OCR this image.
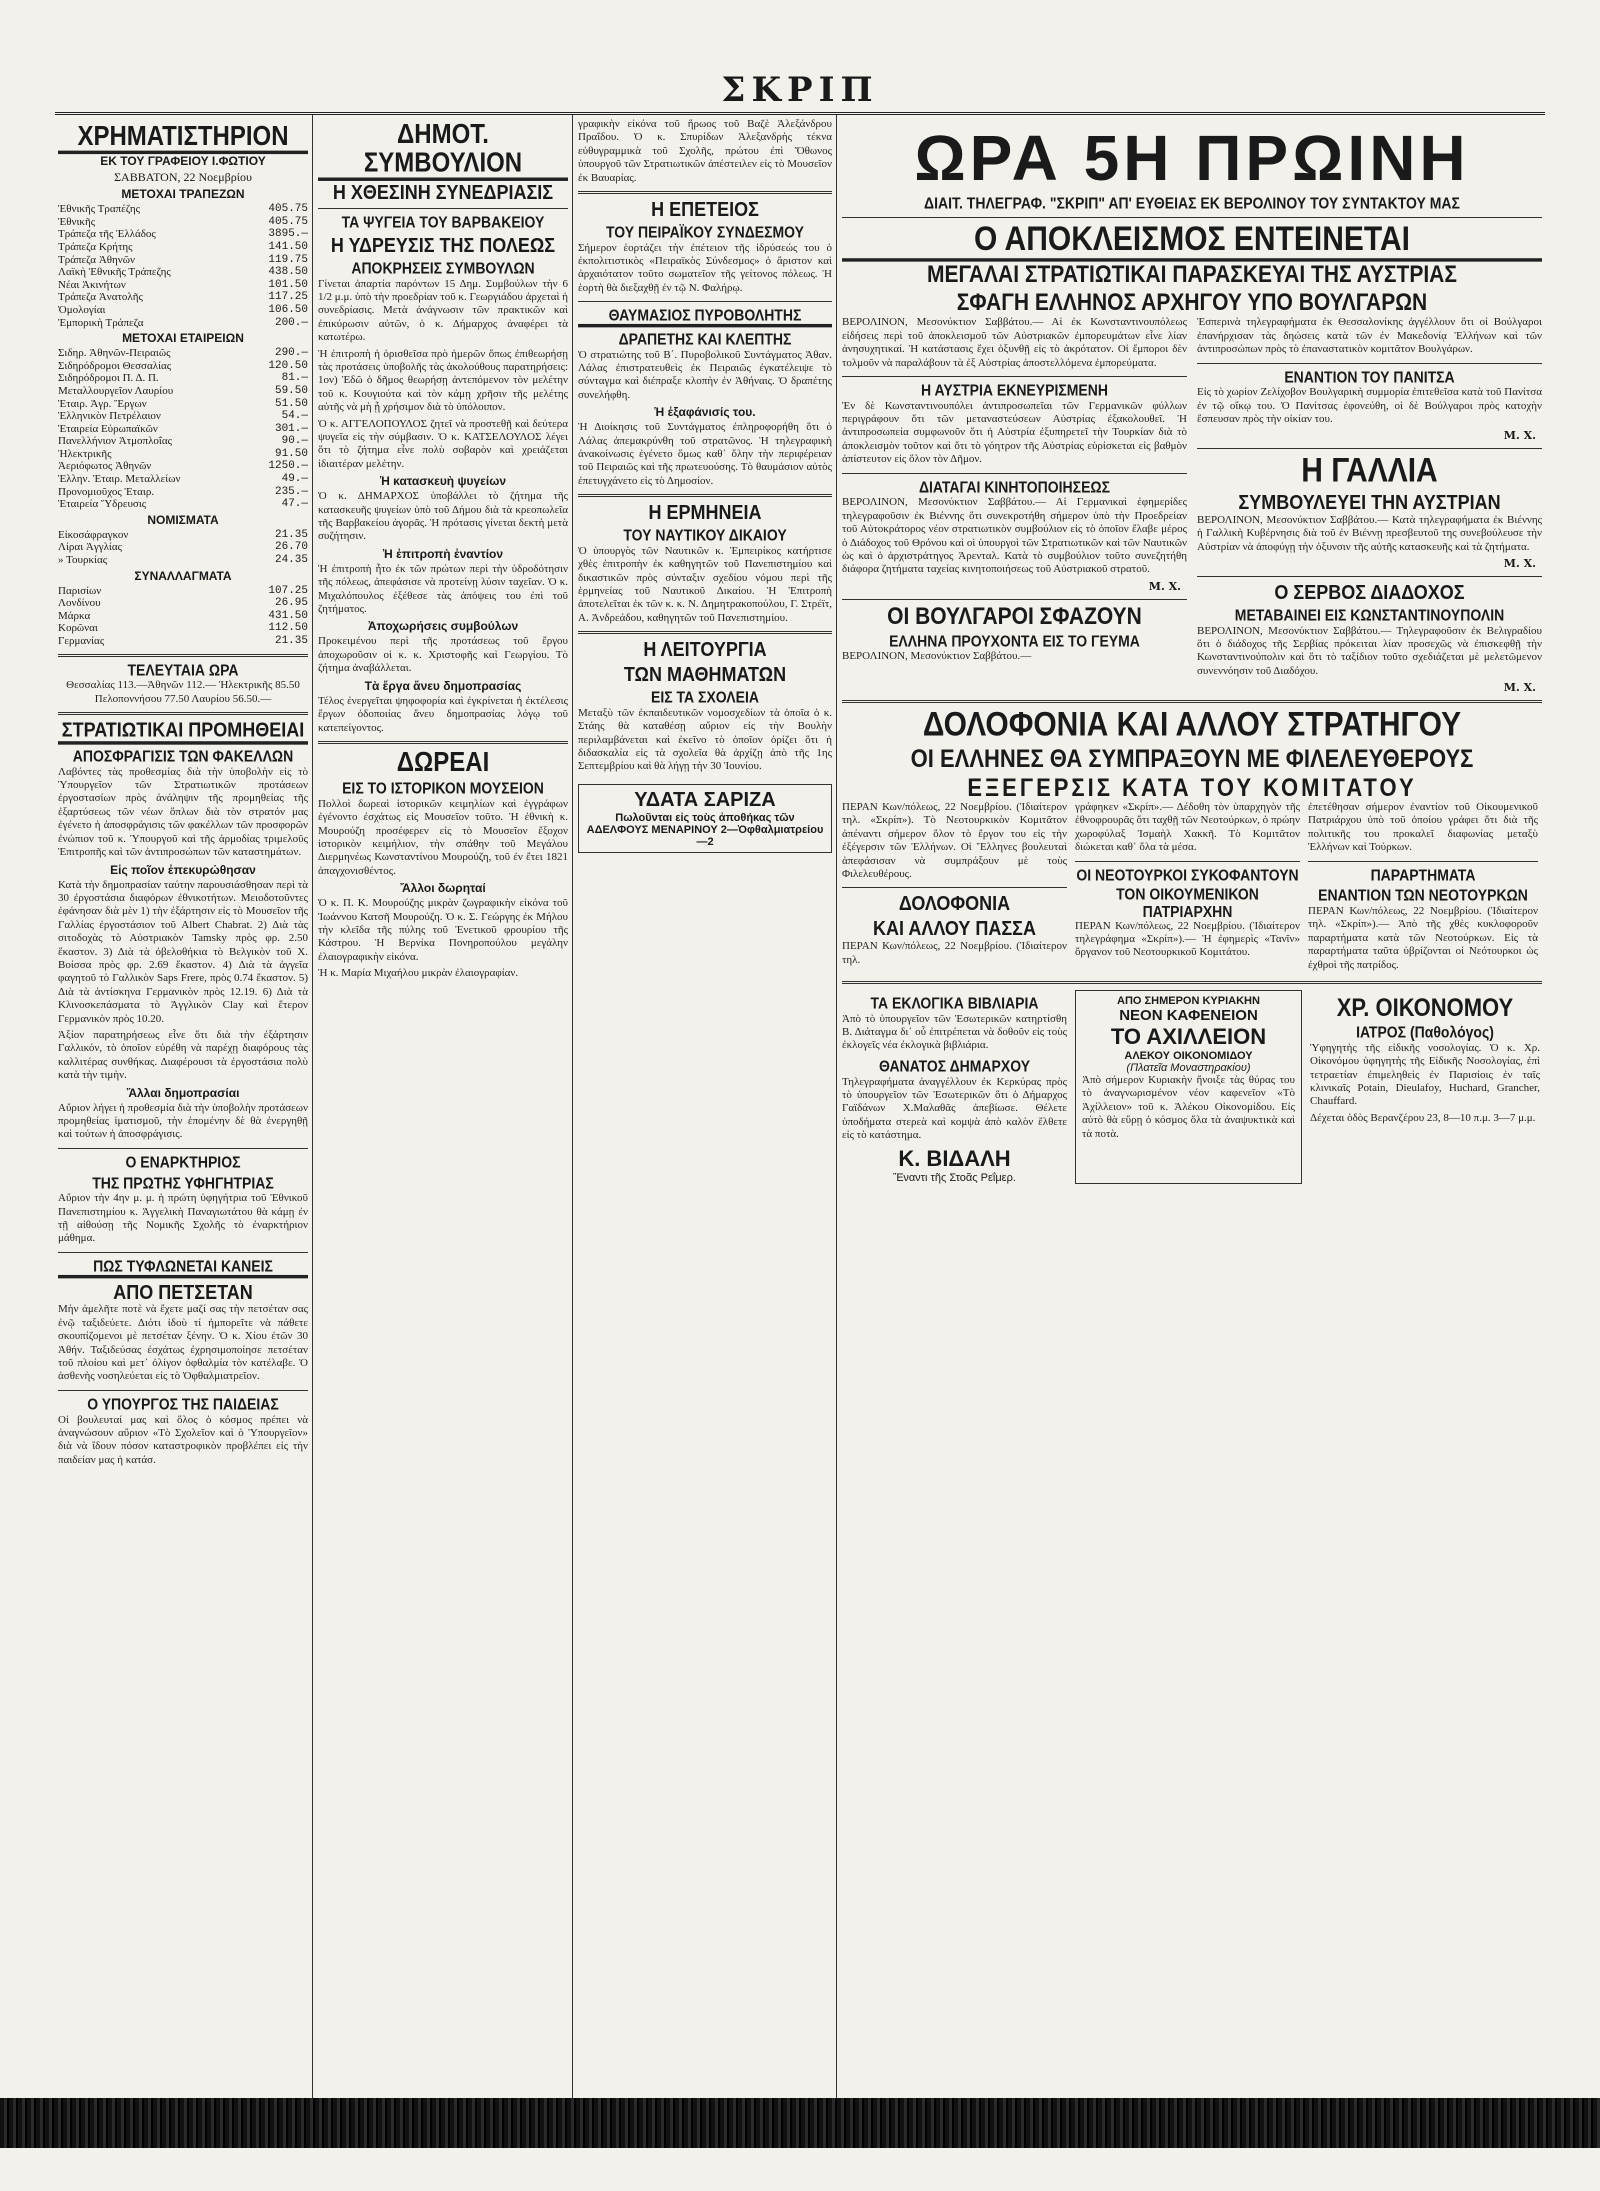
ΣΚΡΙΠ
ΧΡΗΜΑΤΙΣΤΗΡΙΟΝ
ΕΚ ΤΟΥ ΓΡΑΦΕΙΟΥ Ι.ΦΩΤΙΟΥ
ΣΑΒΒΑΤΟΝ, 22 Νοεμβρίου
ΜΕΤΟΧΑΙ ΤΡΑΠΕΖΩΝ
Ἐθνικῆς Τραπέζης	405.75
Ἐθνικῆς	405.75
Τράπεζα τῆς Ἑλλάδος	3895.—
Τράπεζα Κρήτης	141.50
Τράπεζα Ἀθηνῶν	119.75
Λαϊκὴ Ἐθνικῆς Τράπεζης	438.50
Νέαι Ἀκινήτων	101.50
Τράπεζα Ἀνατολῆς	117.25
Ὁμολογίαι	106.50
Ἐμπορικὴ Τράπεζα	200.—
ΜΕΤΟΧΑΙ ΕΤΑΙΡΕΙΩΝ
Σιδηρ. Ἀθηνῶν-Πειραιῶς	290.—
Σιδηρόδρομοι Θεσσαλίας	120.50
Σιδηρόδρομοι Π. Δ. Π.	81.—
Μεταλλουργεῖον Λαυρίου	59.50
Ἑταιρ. Ἀγρ. Ἔργων	51.50
Ἑλληνικὸν Πετρέλαιον	54.—
Ἑταιρεία Εὐρωπαϊκῶν	301.—
Πανελλήνιον Ἀτμοπλοΐας	90.—
Ἠλεκτρικῆς	91.50
Ἀεριόφωτος Ἀθηνῶν	1250.—
Ἑλλην. Ἑταιρ. Μεταλλείων	49.—
Προνομιοῦχος Ἑταιρ.	235.—
Ἑταιρεία Ὕδρευσις	47.—
ΝΟΜΙΣΜΑΤΑ
Εἰκοσάφραγκον	21.35
Λίραι Ἀγγλίας	26.70
» Τουρκίας	24.35
ΣΥΝΑΛΛΑΓΜΑΤΑ
Παρισίων	107.25
Λονδίνου	26.95
Μάρκα	431.50
Κορῶναι	112.50
Γερμανίας	21.35
ΤΕΛΕΥΤΑΙΑ ΩΡΑ

Θεσσαλίας 113.—Ἀθηνῶν 112.— Ἠλεκτρικῆς 85.50 Πελοποννήσου 77.50 Λαυρίου 56.50.—

ΣΤΡΑΤΙΩΤΙΚΑΙ ΠΡΟΜΗΘΕΙΑΙ
ΑΠΟΣΦΡΑΓΙΣΙΣ ΤΩΝ ΦΑΚΕΛΛΩΝ

Λαβόντες τὰς προθεσμίας διὰ τὴν ὑποβολὴν εἰς τὸ Ὑπουργεῖον τῶν Στρατιωτικῶν προτάσεων ἐργοστασίων πρὸς ἀνάληψιν τῆς προμηθείας τῆς ἐξαρτύσεως τῶν νέων ὅπλων διὰ τὸν στρατόν μας ἐγένετο ἡ ἀποσφράγισις τῶν φακέλλων τῶν προσφορῶν ἐνώπιον τοῦ κ. Ὑπουργοῦ καὶ τῆς ἁρμοδίας τριμελοῦς Ἐπιτροπῆς καὶ τῶν ἀντιπροσώπων τῶν καταστημάτων.

Εἰς ποῖον ἐπεκυρώθησαν

Κατὰ τὴν δημοπρασίαν ταύτην παρουσιάσθησαν περὶ τὰ 30 ἐργοστάσια διαφόρων ἐθνικοτήτων. Μειοδοτοῦντες ἐφάνησαν διὰ μὲν 1) τὴν ἐξάρτησιν εἰς τὸ Μουσεῖον τῆς Γαλλίας ἐργοστάσιον τοῦ Albert Chabrat. 2) Διὰ τὰς σιτοδοχὰς τὸ Αὐστριακὸν Tamsky πρὸς φρ. 2.50 ἕκαστον. 3) Διὰ τὰ ὀβελοθήκια τὸ Βελγικὸν τοῦ Χ. Βοίσσα πρὸς φρ. 2.69 ἕκαστον. 4) Διὰ τὰ ἀγγεῖα φαγητοῦ τὸ Γαλλικὸν Saps Frere, πρὸς 0.74 ἕκαστον. 5) Διὰ τὰ ἀντίσκηνα Γερμανικὸν πρὸς 12.19. 6) Διὰ τὰ Κλινοσκεπάσματα τὸ Ἀγγλικὸν Clay καὶ ἕτερον Γερμανικὸν πρὸς 10.20.

Ἀξίον παρατηρήσεως εἶνε ὅτι διὰ τὴν ἐξάρτησιν Γαλλικόν, τὸ ὁποῖον εὑρέθη νὰ παρέχῃ διαφόρους τὰς καλλιτέρας συνθήκας. Διαφέρουσι τὰ ἐργοστάσια πολὺ κατὰ τὴν τιμὴν.

Ἄλλαι δημοπρασίαι

Αὔριον λήγει ἡ προθεσμία διὰ τὴν ὑποβολὴν προτάσεων προμηθείας ἱματισμοῦ, τὴν ἑπομένην δὲ θὰ ἐνεργηθῇ καὶ τούτων ἡ ἀποσφράγισις.

Ο ΕΝΑΡΚΤΗΡΙΟΣ
ΤΗΣ ΠΡΩΤΗΣ ΥΦΗΓΗΤΡΙΑΣ

Αὔριον τὴν 4ην μ. μ. ἡ πρώτη ὑφηγήτρια τοῦ Ἐθνικοῦ Πανεπιστημίου κ. Ἀγγελικὴ Παναγιωτάτου θὰ κάμῃ ἐν τῇ αἰθούσῃ τῆς Νομικῆς Σχολῆς τὸ ἐναρκτήριον μάθημα.

ΠΩΣ ΤΥΦΛΩΝΕΤΑΙ ΚΑΝΕΙΣ
ΑΠΟ ΠΕΤΣΕΤΑΝ

Μὴν ἀμελῆτε ποτὲ νὰ ἔχετε μαζί σας τὴν πετσέταν σας ἐνῷ ταξιδεύετε. Διότι ἰδοὺ τί ἠμπορεῖτε νὰ πάθετε σκουπίζομενοι μὲ πετσέταν ξένην. Ὁ κ. Χίου ἐτῶν 30 Ἀθήν. Ταξιδεύσας ἐσχάτως ἐχρησιμοποίησε πετσέταν τοῦ πλοίου καὶ μετ᾽ ὀλίγον ὀφθαλμία τὸν κατέλαβε. Ὁ ἀσθενὴς νοσηλεύεται εἰς τὸ Ὀφθαλμιατρεῖον.

Ο ΥΠΟΥΡΓΟΣ ΤΗΣ ΠΑΙΔΕΙΑΣ

Οἱ βουλευταί μας καὶ ὅλος ὁ κόσμος πρέπει νὰ ἀναγνώσουν αὔριον «Τὸ Σχολεῖον καὶ ὁ Ὑπουργεῖον» διὰ νὰ ἴδουν πόσον καταστροφικὸν προβλέπει εἰς τὴν παιδείαν μας ἡ κατάσ.

ΔΗΜΟΤ. ΣΥΜΒΟΥΛΙΟΝ
Η ΧΘΕΣΙΝΗ ΣΥΝΕΔΡΙΑΣΙΣ
ΤΑ ΨΥΓΕΙΑ ΤΟΥ ΒΑΡΒΑΚΕΙΟΥ
Η ΥΔΡΕΥΣΙΣ ΤΗΣ ΠΟΛΕΩΣ
ΑΠΟΚΡΗΣΕΙΣ ΣΥΜΒΟΥΛΩΝ

Γίνεται ἀπαρτία παρόντων 15 Δημ. Συμβούλων τὴν 6 1/2 μ.μ. ὑπὸ τὴν προεδρίαν τοῦ κ. Γεωργιάδου ἀρχεταὶ ἡ συνεδρίασις. Μετὰ ἀνάγνωσιν τῶν πρακτικῶν καὶ ἐπικύρωσιν αὐτῶν, ὁ κ. Δήμαρχος ἀναφέρει τὰ κατωτέρω.

Ἡ ἐπιτροπὴ ἡ ὁρισθεῖσα πρὸ ἡμερῶν ὅπως ἐπιθεωρήσῃ τὰς προτάσεις ὑποβολῆς τὰς ἀκολούθους παρατηρήσεις: 1ον) Ἐδῶ ὁ δῆμος θεωρήσῃ ἀντεπόμενον τὸν μελέτην τοῦ κ. Κουγιούτα καὶ τὸν κάμῃ χρῆσιν τῆς μελέτης αὐτῆς νὰ μὴ ᾗ χρήσιμον διὰ τὸ ὑπόλοιπον.

Ὁ κ. ΑΓΓΕΛΟΠΟΥΛΟΣ ζητεῖ νὰ προστεθῇ καὶ δεύτερα ψυγεῖα εἰς τὴν σύμβασιν. Ὁ κ. ΚΑΤΣΕΛΟΥΛΟΣ λέγει ὅτι τὸ ζήτημα εἶνε πολὺ σοβαρὸν καὶ χρειάζεται ἰδιαιτέραν μελέτην.

Ἡ κατασκευὴ ψυγείων

Ὁ κ. ΔΗΜΑΡΧΟΣ ὑποβάλλει τὸ ζήτημα τῆς κατασκευῆς ψυγείων ὑπὸ τοῦ Δήμου διὰ τὰ κρεοπωλεῖα τῆς Βαρβακείου ἀγορᾶς. Ἡ πρότασις γίνεται δεκτὴ μετὰ συζήτησιν.

Ἡ ἐπιτροπὴ ἐναντίον

Ἡ ἐπιτροπὴ ἦτο ἐκ τῶν πρώτων περὶ τὴν ὑδροδότησιν τῆς πόλεως, ἀπεφάσισε νὰ προτείνῃ λύσιν ταχεῖαν. Ὁ κ. Μιχαλόπουλος ἐξέθεσε τὰς ἀπόψεις του ἐπὶ τοῦ ζητήματος.

Ἀποχωρήσεις συμβούλων

Προκειμένου περὶ τῆς προτάσεως τοῦ ἔργου ἀποχωροῦσιν οἱ κ. κ. Χριστοφῆς καὶ Γεωργίου. Τὸ ζήτημα ἀναβάλλεται.

Τὰ ἔργα ἄνευ δημοπρασίας

Τέλος ἐνεργεῖται ψηφοφορία καὶ ἐγκρίνεται ἡ ἐκτέλεσις ἔργων ὁδοποιίας ἄνευ δημοπρασίας λόγῳ τοῦ κατεπείγοντος.

ΔΩΡΕΑΙ
ΕΙΣ ΤΟ ΙΣΤΟΡΙΚΟΝ ΜΟΥΣΕΙΟΝ

Πολλοὶ δωρεαὶ ἱστορικῶν κειμηλίων καὶ ἐγγράφων ἐγένοντο ἐσχάτως εἰς Μουσεῖον τοῦτο. Ἡ ἐθνικὴ κ. Μουρούζη προσέφερεν εἰς τὸ Μουσεῖον ἔξοχον ἱστορικὸν κειμήλιον, τὴν σπάθην τοῦ Μεγάλου Διερμηνέως Κωνσταντίνου Μουρούζη, τοῦ ἐν ἔτει 1821 ἀπαγχονισθέντος.

Ἄλλοι δωρηταί

Ὁ κ. Π. Κ. Μουρούζης μικρὰν ζωγραφικὴν εἰκόνα τοῦ Ἰωάννου Κατσῆ Μουρούζη. Ὁ κ. Σ. Γεώργης ἐκ Μήλου τὴν κλεῖδα τῆς πύλης τοῦ Ἐνετικοῦ φρουρίου τῆς Κάστρου. Ἡ Βερνίκα Πονηροπούλου μεγάλην ἐλαιογραφικὴν εἰκόνα.

Ἡ κ. Μαρία Μιχαήλου μικρὰν ἐλαιογραφίαν.

γραφικὴν εἰκόνα τοῦ ἥρωος τοῦ Βαζὲ Ἀλεξάνδρου Πραΐδου. Ὁ κ. Σπυρίδων Ἀλεξανδρὴς τέκνα εὐθυγραμμικὰ τοῦ Σχολῆς, πρώτου ἐπὶ Ὄθωνος ὑπουργοῦ τῶν Στρατιωτικῶν ἀπέστειλεν εἰς τὸ Μουσεῖον ἐκ Βαυαρίας.

Η ΕΠΕΤΕΙΟΣ
ΤΟΥ ΠΕΙΡΑΪΚΟΥ ΣΥΝΔΕΣΜΟΥ

Σήμερον ἑορτάζει τὴν ἐπέτειον τῆς ἱδρύσεώς του ὁ ἐκπολιτιστικὸς «Πειραϊκὸς Σύνδεσμος» ὁ ἄριστον καὶ ἀρχαιότατον τοῦτο σωματεῖον τῆς γείτονος πόλεως. Ἡ ἑορτὴ θὰ διεξαχθῇ ἐν τῷ Ν. Φαλήρῳ.

ΘΑΥΜΑΣΙΟΣ ΠΥΡΟΒΟΛΗΤΗΣ
ΔΡΑΠΕΤΗΣ ΚΑΙ ΚΛΕΠΤΗΣ

Ὁ στρατιώτης τοῦ Β΄. Πυροβολικοῦ Συντάγματος Ἀθαν. Λάλας ἐπιστρατευθεὶς ἐκ Πειραιῶς ἐγκατέλειψε τὸ σύνταγμα καὶ διέπραξε κλοπὴν ἐν Ἀθήναις. Ὁ δραπέτης συνελήφθη.

Ἡ ἐξαφάνισίς του.

Ἡ Διοίκησις τοῦ Συντάγματος ἐπληροφορήθη ὅτι ὁ Λάλας ἀπεμακρύνθη τοῦ στρατῶνος. Ἡ τηλεγραφικὴ ἀνακοίνωσις ἐγένετο ὅμως καθ᾽ ὅλην τὴν περιφέρειαν τοῦ Πειραιῶς καὶ τῆς πρωτευούσης. Τὸ θαυμάσιον αὐτὸς ἐπετυγχάνετο εἰς τὸ Δημοσίον.

Η ΕΡΜΗΝΕΙΑ
ΤΟΥ ΝΑΥΤΙΚΟΥ ΔΙΚΑΙΟΥ

Ὁ ὑπουργὸς τῶν Ναυτικῶν κ. Ἐμπειρίκος κατήρτισε χθὲς ἐπιτροπὴν ἐκ καθηγητῶν τοῦ Πανεπιστημίου καὶ δικαστικῶν πρὸς σύνταξιν σχεδίου νόμου περὶ τῆς ἑρμηνείας τοῦ Ναυτικοῦ Δικαίου. Ἡ Ἐπιτροπὴ ἀποτελεῖται ἐκ τῶν κ. κ. Ν. Δημητρακοπούλου, Γ. Στρέϊτ, Α. Ἀνδρεάδου, καθηγητῶν τοῦ Πανεπιστημίου.

Η ΛΕΙΤΟΥΡΓΙΑ
ΤΩΝ ΜΑΘΗΜΑΤΩΝ
ΕΙΣ ΤΑ ΣΧΟΛΕΙΑ

Μεταξὺ τῶν ἐκπαιδευτικῶν νομοσχεδίων τὰ ὁποῖα ὁ κ. Στάης θὰ καταθέσῃ αὔριον εἰς τὴν Βουλὴν περιλαμβάνεται καὶ ἐκεῖνο τὸ ὁποῖον ὁρίζει ὅτι ἡ διδασκαλία εἰς τὰ σχολεῖα θὰ ἀρχίζῃ ἀπὸ τῆς 1ης Σεπτεμβρίου καὶ θὰ λήγῃ τὴν 30 Ἰουνίου.

ΥΔΑΤΑ ΣΑΡΙΖΑ
Πωλοῦνται εἰς τοὺς ἀποθήκας τῶν ΑΔΕΛΦΟΥΣ ΜΕΝΑΡΙΝΟΥ 2—Ὀφθαλμιατρείου—2
ΩΡΑ 5Η ΠΡΩΙΝΗ
ΔΙΑΙΤ. ΤΗΛΕΓΡΑΦ. "ΣΚΡΙΠ" ΑΠ' ΕΥΘΕΙΑΣ ΕΚ ΒΕΡΟΛΙΝΟΥ ΤΟΥ ΣΥΝΤΑΚΤΟΥ ΜΑΣ
Ο ΑΠΟΚΛΕΙΣΜΟΣ ΕΝΤΕΙΝΕΤΑΙ
ΜΕΓΑΛΑΙ ΣΤΡΑΤΙΩΤΙΚΑΙ ΠΑΡΑΣΚΕΥΑΙ ΤΗΣ ΑΥΣΤΡΙΑΣ
ΣΦΑΓΗ ΕΛΛΗΝΟΣ ΑΡΧΗΓΟΥ ΥΠΟ ΒΟΥΛΓΑΡΩΝ

ΒΕΡΟΛΙΝΟΝ, Μεσονύκτιον Σαββάτου.— Αἱ ἐκ Κωνσταντινουπόλεως εἰδήσεις περὶ τοῦ ἀποκλεισμοῦ τῶν Αὐστριακῶν ἐμπορευμάτων εἶνε λίαν ἀνησυχητικαί. Ἡ κατάστασις ἔχει ὀξυνθῇ εἰς τὸ ἀκρότατον. Οἱ ἔμποροι δὲν τολμοῦν νὰ παραλάβουν τὰ ἐξ Αὐστρίας ἀποστελλόμενα ἐμπορεύματα.

Η ΑΥΣΤΡΙΑ ΕΚΝΕΥΡΙΣΜΕΝΗ

Ἐν δὲ Κωνσταντινουπόλει ἀντιπροσωπεῖαι τῶν Γερμανικῶν φύλλων περιγράφουν ὅτι τῶν μεταναστεύσεων Αὐστρίας ἐξακολουθεῖ. Ἡ ἀντιπροσωπεία συμφωνοῦν ὅτι ἡ Αὐστρία ἐξυπηρετεῖ τὴν Τουρκίαν διὰ τὸ ἀποκλεισμὸν τοῦτον καὶ ὅτι τὸ γόητρον τῆς Αὐστρίας εὑρίσκεται εἰς βαθμὸν ἀπίστευτον εἰς ὅλον τὸν Δῆμον.

ΔΙΑΤΑΓΑΙ ΚΙΝΗΤΟΠΟΙΗΣΕΩΣ

ΒΕΡΟΛΙΝΟΝ, Μεσονύκτιον Σαββάτου.— Αἱ Γερμανικαὶ ἐφημερίδες τηλεγραφοῦσιν ἐκ Βιέννης ὅτι συνεκροτήθη σήμερον ὑπὸ τὴν Προεδρείαν τοῦ Αὐτοκράτορος νέον στρατιωτικὸν συμβούλιον εἰς τὸ ὁποῖον ἔλαβε μέρος ὁ Διάδοχος τοῦ Θρόνου καὶ οἱ ὑπουργοὶ τῶν Στρατιωτικῶν καὶ τῶν Ναυτικῶν ὡς καὶ ὁ ἀρχιστράτηγος Ἀρενταλ. Κατὰ τὸ συμβούλιον τοῦτο συνεζητήθη διάφορα ζητήματα ταχείας κινητοποιήσεως τοῦ Αὐστριακοῦ στρατοῦ.

Μ. Χ.
ΟΙ ΒΟΥΛΓΑΡΟΙ ΣΦΑΖΟΥΝ
ΕΛΛΗΝΑ ΠΡΟΥΧΟΝΤΑ ΕΙΣ ΤΟ ΓΕΥΜΑ

ΒΕΡΟΛΙΝΟΝ, Μεσονύκτιον Σαββάτου.—

Ἐσπερινὰ τηλεγραφήματα ἐκ Θεσσαλονίκης ἀγγέλλουν ὅτι οἱ Βούλγαροι ἐπανήρχισαν τὰς δηώσεις κατὰ τῶν ἐν Μακεδονίᾳ Ἑλλήνων καὶ τῶν ἀντιπροσώπων πρὸς τὸ ἐπαναστατικὸν κομιτᾶτον Βουλγάρων.

ΕΝΑΝΤΙΟΝ ΤΟΥ ΠΑΝΙΤΣΑ

Εἰς τὸ χωρίον Ζελίχοβον Βουλγαρικὴ συμμορία ἐπιτεθεῖσα κατὰ τοῦ Πανίτσα ἐν τῷ οἴκῳ του. Ὁ Πανίτσας ἐφονεύθη, οἱ δὲ Βούλγαροι πρὸς κατοχὴν ἔσπευσαν πρὸς τὴν οἰκίαν του.

Μ. Χ.
Η ΓΑΛΛΙΑ
ΣΥΜΒΟΥΛΕΥΕΙ ΤΗΝ ΑΥΣΤΡΙΑΝ

ΒΕΡΟΛΙΝΟΝ, Μεσονύκτιον Σαββάτου.— Κατὰ τηλεγραφήματα ἐκ Βιέννης ἡ Γαλλικὴ Κυβέρνησις διὰ τοῦ ἐν Βιέννῃ πρεσβευτοῦ της συνεβούλευσε τὴν Αὐστρίαν νὰ ἀποφύγῃ τὴν ὀξυνσιν τῆς αὐτῆς κατασκευῆς καὶ τὰ ζητήματα.

Μ. Χ.
Ο ΣΕΡΒΟΣ ΔΙΑΔΟΧΟΣ
ΜΕΤΑΒΑΙΝΕΙ ΕΙΣ ΚΩΝΣΤΑΝΤΙΝΟΥΠΟΛΙΝ

ΒΕΡΟΛΙΝΟΝ, Μεσονύκτιον Σαββάτου.— Τηλεγραφοῦσιν ἐκ Βελιγραδίου ὅτι ὁ διάδοχος τῆς Σερβίας πρόκειται λίαν προσεχῶς νὰ ἐπισκεφθῇ τὴν Κωνσταντινούπολιν καὶ ὅτι τὸ ταξίδιον τοῦτο σχεδιάζεται μὲ μελετῶμενον συνεννόησιν τοῦ Διαδόχου.

Μ. Χ.
ΔΟΛΟΦΟΝΙΑ ΚΑΙ ΑΛΛΟΥ ΣΤΡΑΤΗΓΟΥ
ΟΙ ΕΛΛΗΝΕΣ ΘΑ ΣΥΜΠΡΑΞΟΥΝ ΜΕ ΦΙΛΕΛΕΥΘΕΡΟΥΣ
ΕΞΕΓΕΡΣΙΣ ΚΑΤΑ ΤΟΥ ΚΟΜΙΤΑΤΟΥ

ΠΕΡΑΝ Κων/πόλεως, 22 Νοεμβρίου. (Ἰδιαίτερον τηλ. «Σκρίπ»). Τὸ Νεοτουρκικὸν Κομιτᾶτον ἀπέναντι σήμερον ὅλον τὸ ἔργον του εἰς τὴν ἐξέγερσιν τῶν Ἑλλήνων. Οἱ Ἕλληνες βουλευταὶ ἀπεφάσισαν νὰ συμπράξουν μὲ τοὺς Φιλελευθέρους.

ΔΟΛΟΦΟΝΙΑ
ΚΑΙ ΑΛΛΟΥ ΠΑΣΣΑ

ΠΕΡΑΝ Κων/πόλεως, 22 Νοεμβρίου. (Ἰδιαίτερον τηλ.

γράφηκεν «Σκρίπ».— Δέδοθη τὸν ὑπαρχηγὸν τῆς ἐθνοφρουρᾶς ὅτι ταχθῇ τῶν Νεοτούρκων, ὁ πρώην χωροφύλαξ Ἰσμαὴλ Χακκῆ. Τὸ Κομιτᾶτον διώκεται καθ᾽ ὅλα τὰ μέσα.

ΟΙ ΝΕΟΤΟΥΡΚΟΙ ΣΥΚΟΦΑΝΤΟΥΝ
ΤΟΝ ΟΙΚΟΥΜΕΝΙΚΟΝ ΠΑΤΡΙΑΡΧΗΝ

ΠΕΡΑΝ Κων/πόλεως, 22 Νοεμβρίου. (Ἰδιαίτερον τηλεγράφημα «Σκρίπ»).— Ἡ ἐφημερὶς «Τανῖν» ὄργανον τοῦ Νεοτουρκικοῦ Κομιτάτου.

ἐπετέθησαν σήμερον ἐναντίον τοῦ Οἰκουμενικοῦ Πατριάρχου ὑπὸ τοῦ ὁποίου γράφει ὅτι διὰ τῆς πολιτικῆς του προκαλεῖ διαφωνίας μεταξὺ Ἑλλήνων καὶ Τούρκων.

ΠΑΡΑΡΤΗΜΑΤΑ
ΕΝΑΝΤΙΟΝ ΤΩΝ ΝΕΟΤΟΥΡΚΩΝ

ΠΕΡΑΝ Κων/πόλεως, 22 Νοεμβρίου. (Ἰδιαίτερον τηλ. «Σκρίπ»).— Ἀπὸ τῆς χθὲς κυκλοφοροῦν παραρτήματα κατὰ τῶν Νεοτούρκων. Εἰς τὰ παραρτήματα ταῦτα ὑβρίζονται οἱ Νεότουρκοι ὡς ἐχθροὶ τῆς πατρίδος.

ΤΑ ΕΚΛΟΓΙΚΑ ΒΙΒΛΙΑΡΙΑ

Ἀπὸ τὸ ὑπουργεῖον τῶν Ἐσωτερικῶν κατηρτίσθη Β. Διάταγμα δι᾽ οὗ ἐπιτρέπεται νὰ δοθοῦν εἰς τοὺς ἐκλογεῖς νέα ἐκλογικὰ βιβλιάρια.

ΘΑΝΑΤΟΣ ΔΗΜΑΡΧΟΥ

Τηλεγραφήματα ἀναγγέλλουν ἐκ Κερκύρας πρὸς τὸ ὑπουργεῖον τῶν Ἐσωτερικῶν ὅτι ὁ Δήμαρχος Γαϊδάνων Χ.Μαλαθᾶς ἀπεβίωσε. Θέλετε ὑποδήματα στερεὰ καὶ κομψὰ ἀπὸ καλὸν ἔλθετε εἰς τὸ κατάστημα.

Κ. ΒΙΔΑΛΗ
Ἔναντι τῆς Στοᾶς Ρεΐμερ.
ΑΠΟ ΣΗΜΕΡΟΝ ΚΥΡΙΑΚΗΝ
ΝΕΟΝ ΚΑΦΕΝΕΙΟΝ
ΤΟ ΑΧΙΛΛΕΙΟΝ
ΑΛΕΚΟΥ ΟΙΚΟΝΟΜΙΔΟΥ
(Πλατεῖα Μοναστηρακίου)

Ἀπὸ σήμερον Κυριακὴν ἤνοιξε τὰς θύρας του τὸ ἀναγνωρισμένον νέον καφενεῖον «Τὸ Ἀχίλλειον» τοῦ κ. Ἀλέκου Οἰκονομίδου. Εἰς αὐτὸ θὰ εὕρῃ ὁ κόσμος ὅλα τὰ ἀναψυκτικὰ καὶ τὰ ποτὰ.

ΧΡ. ΟΙΚΟΝΟΜΟΥ
ΙΑΤΡΟΣ (Παθολόγος)

Ὑφηγητὴς τῆς εἰδικῆς νοσολογίας. Ὁ κ. Χρ. Οἰκονόμου ὑφηγητὴς τῆς Εἰδικῆς Νοσολογίας, ἐπὶ τετραετίαν ἐπιμεληθεὶς ἐν Παρισίοις ἐν ταῖς κλινικαῖς Potain, Dieulafoy, Huchard, Grancher, Chauffard.

Δέχεται ὁδὸς Βερανζέρου 23, 8—10 π.μ. 3—7 μ.μ.
